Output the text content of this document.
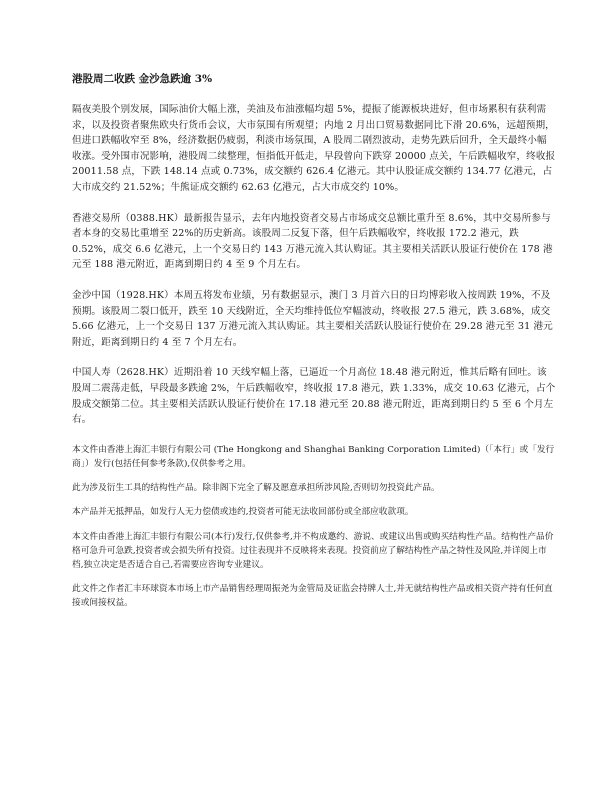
港股周二收跌 金沙急跌逾 3%

隔夜美股个别发展，国际油价大幅上涨，美油及布油涨幅均超 5%，提振了能源板块进好，但市场累积有获利需求，以及投资者聚焦欧央行货币会议，大市氛围有所观望；内地 2 月出口贸易数据同比下滑 20.6%，远超预期，但进口跌幅收窄至 8%，经济数据仍疲弱，利淡市场氛围，A 股周二剧烈波动，走势先跌后回升，全天最终小幅收涨。受外围市况影响，港股周二续整理，恒指低开低走，早段曾向下跌穿 20000 点关，午后跌幅收窄，终收报 20011.58 点，下跌 148.14 点或 0.73%，成交额约 626.4 亿港元。其中认股证成交额约 134.77 亿港元，占大市成交约 21.52%；牛熊证成交额约 62.63 亿港元，占大市成交约 10%。

香港交易所（0388.HK）最新报告显示，去年内地投资者交易占市场成交总额比重升至 8.6%，其中交易所参与者本身的交易比重增至 22%的历史新高。该股周二反复下落，但午后跌幅收窄，终收报 172.2 港元，跌 0.52%，成交 6.6 亿港元，上一个交易日约 143 万港元流入其认购证。其主要相关活跃认股证行使价在 178 港元至 188 港元附近，距离到期日约 4 至 9 个月左右。

金沙中国（1928.HK）本周五将发布业绩，另有数据显示，澳门 3 月首六日的日均博彩收入按周跌 19%，不及预期。该股周二裂口低开，跌至 10 天线附近，全天均维持低位窄幅波动，终收报 27.5 港元，跌 3.68%，成交 5.66 亿港元，上一个交易日 137 万港元流入其认购证。其主要相关活跃认股证行使价在 29.28 港元至 31 港元附近，距离到期日约 4 至 7 个月左右。

中国人寿（2628.HK）近期沿着 10 天线窄幅上落，已逼近一个月高位 18.48 港元附近，惟其后略有回吐。该股周二震荡走低，早段最多跌逾 2%，午后跌幅收窄，终收报 17.8 港元，跌 1.33%，成交 10.63 亿港元，占个股成交额第二位。其主要相关活跃认股证行使价在 17.18 港元至 20.88 港元附近，距离到期日约 5 至 6 个月左右。

本文件由香港上海汇丰银行有限公司 (The Hongkong and Shanghai Banking Corporation Limited)（「本行」或「发行商」）发行(包括任何参考条款),仅供参考之用。

此为涉及衍生工具的结构性产品。除非阁下完全了解及愿意承担所涉风险,否则切勿投资此产品。

本产品并无抵押品，如发行人无力偿债或违约,投资者可能无法收回部份或全部应收款项。

本文件由香港上海汇丰银行有限公司(本行)发行,仅供参考,并不构成邀约、游说、或建议出售或购买结构性产品。结构性产品价格可急升可急跌,投资者或会损失所有投资。过往表现并不反映将来表现。投资前应了解结构性产品之特性及风险,并详阅上市档,独立决定是否适合自己,若需要应咨询专业建议。

此文件之作者汇丰环球资本市场上市产品销售经理周振尧为金管局及证监会持牌人士,并无就结构性产品或相关资产持有任何直接或间接权益。
